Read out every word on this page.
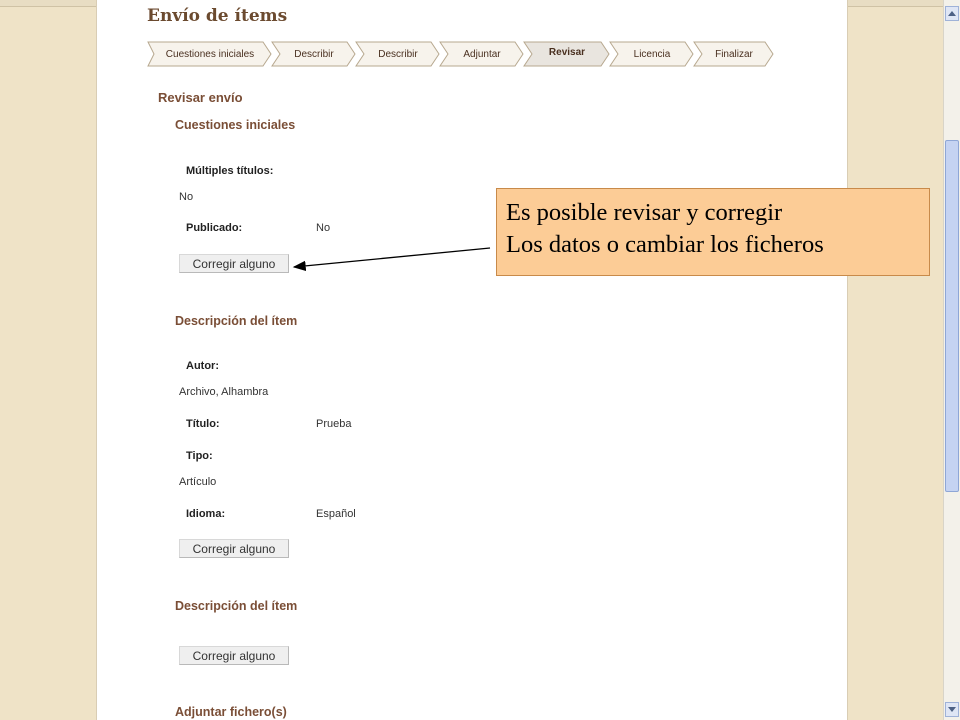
Envío de ítems
Cuestiones iniciales	Describir	Describir	Adjuntar	Revisar	Licencia	Finalizar
Revisar envío
Cuestiones iniciales
Múltiples títulos:
No
Publicado:	No
Corregir alguno
Descripción del ítem
Autor:
Archivo, Alhambra
Título:	Prueba
Tipo:
Artículo
Idioma:	Español
Corregir alguno
Descripción del ítem
Corregir alguno
Adjuntar fichero(s)
Es posible revisar y corregir
Los datos o cambiar los ficheros
